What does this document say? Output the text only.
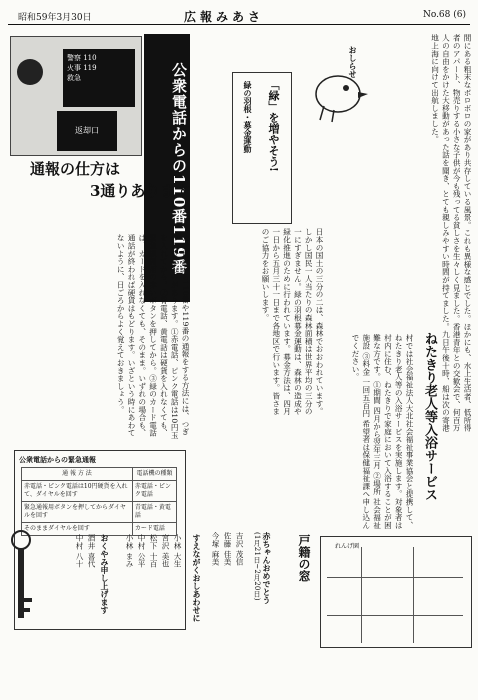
昭和59年3月30日	広報みあさ	No.68 (6)
警察 110
火事 119
救急
返却口	公衆電話からの110番119番
通報の仕方は
3通りあります
公衆電話から110番や119番の通報をする方法には、つぎのようなものがあります。①赤電話、ピンク電話は10円玉を入れてから。②青電話、黄電話は硬貨を入れなくても、緊急通報用の赤いボタンを押してから。③緑のカード電話は、カードを入れなくても、そのまま。いずれの場合も、通話が終われば硬貨はもどります。いざという時にあわてないように、日ごろからよく覚えておきましょう。
公衆電話からの緊急通報
通 報 方 法	電話機の種類
赤電話・ピンク電話は10円硬貨を入れて、ダイヤルを回す	赤電話・ピンク電話
緊急通報用ボタンを押してからダイヤルを回す	青電話・黄電話
そのままダイヤルを回す	カード電話
「緑」を増やそう!
緑の羽根・募金運動
日本の国土の三分の二は、森林でおおわれています。しかし国民一人当たりの森林面積は世界平均の三分の一にすぎません。緑の羽根募金運動は、森林の造成や緑化推進のために行われています。募金方法は、四月一日から五月三十一日まで各地区で行います。皆さまのご協力をお願いします。
おしらせ	間にある粗末なボロボロの家があり共存している風景。これも異様な感じでした。ほかにも、水上生活者、低所得者のアパート、物売りする小さな子供が今も残ってる貧しさを生々しく見ました。香港青年との交歓会で、何百万人の自由をかけた大移動があった話を聞き、とても親しみやすい時間が持てました。九日午後十時、船は次の寄港地上海に向けて出航しました。
ねたきり老人等入浴サービス
村では社会福祉法人大北社会福祉事業協会と提携して、ねたきり老人等の入浴サービスを実施します。対象者は村内に住む、ねたきりで家庭において入浴することが困難な方です。①期間 四月から翌年三月 ②場所 社会福祉施設 ③料金 一回五百円 希望者は保健福祉課へ申し込んでください。
戸籍の窓
赤ちゃんおめでとう
(1月21日~2月20日)
吉沢 茂信
佐藤 佳美
今塚 麻美
すえながくおしあわせに
小林 大生
宮沢 美也
松下 十百
中村 公平
小林 まみ
おくやみ申し上げます
酒井 喜代
中村 八十	れんげ園
